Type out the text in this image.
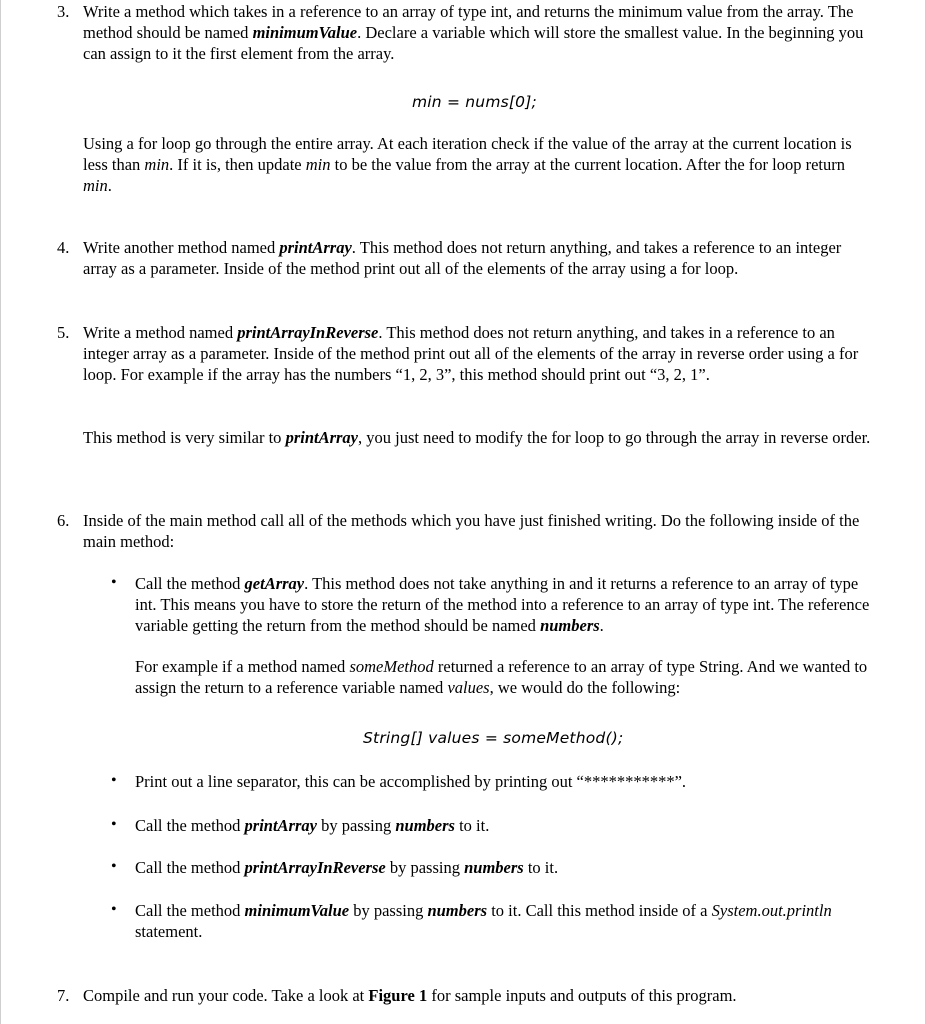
3. Write a method which takes in a reference to an array of type int, and returns the minimum value from the array. The method should be named minimumValue. Declare a variable which will store the smallest value. In the beginning you can assign to it the first element from the array.

min = nums[0];

Using a for loop go through the entire array. At each iteration check if the value of the array at the current location is less than min. If it is, then update min to be the value from the array at the current location. After the for loop return min.

4. Write another method named printArray. This method does not return anything, and takes a reference to an integer array as a parameter. Inside of the method print out all of the elements of the array using a for loop.

5. Write a method named printArrayInReverse. This method does not return anything, and takes in a reference to an integer array as a parameter. Inside of the method print out all of the elements of the array in reverse order using a for loop. For example if the array has the numbers “1, 2, 3”, this method should print out “3, 2, 1”.

This method is very similar to printArray, you just need to modify the for loop to go through the array in reverse order.

6. Inside of the main method call all of the methods which you have just finished writing. Do the following inside of the main method:

•	Call the method getArray. This method does not take anything in and it returns a reference to an array of type int. This means you have to store the return of the method into a reference to an array of type int. The reference variable getting the return from the method should be named numbers.

For example if a method named someMethod returned a reference to an array of type String. And we wanted to assign the return to a reference variable named values, we would do the following:

String[] values = someMethod();
•	Print out a line separator, this can be accomplished by printing out “***********”.

•	Call the method printArray by passing numbers to it.

•	Call the method printArrayInReverse by passing numbers to it.

•	Call the method minimumValue by passing numbers to it. Call this method inside of a System.out.println statement.

7. Compile and run your code. Take a look at Figure 1 for sample inputs and outputs of this program.
